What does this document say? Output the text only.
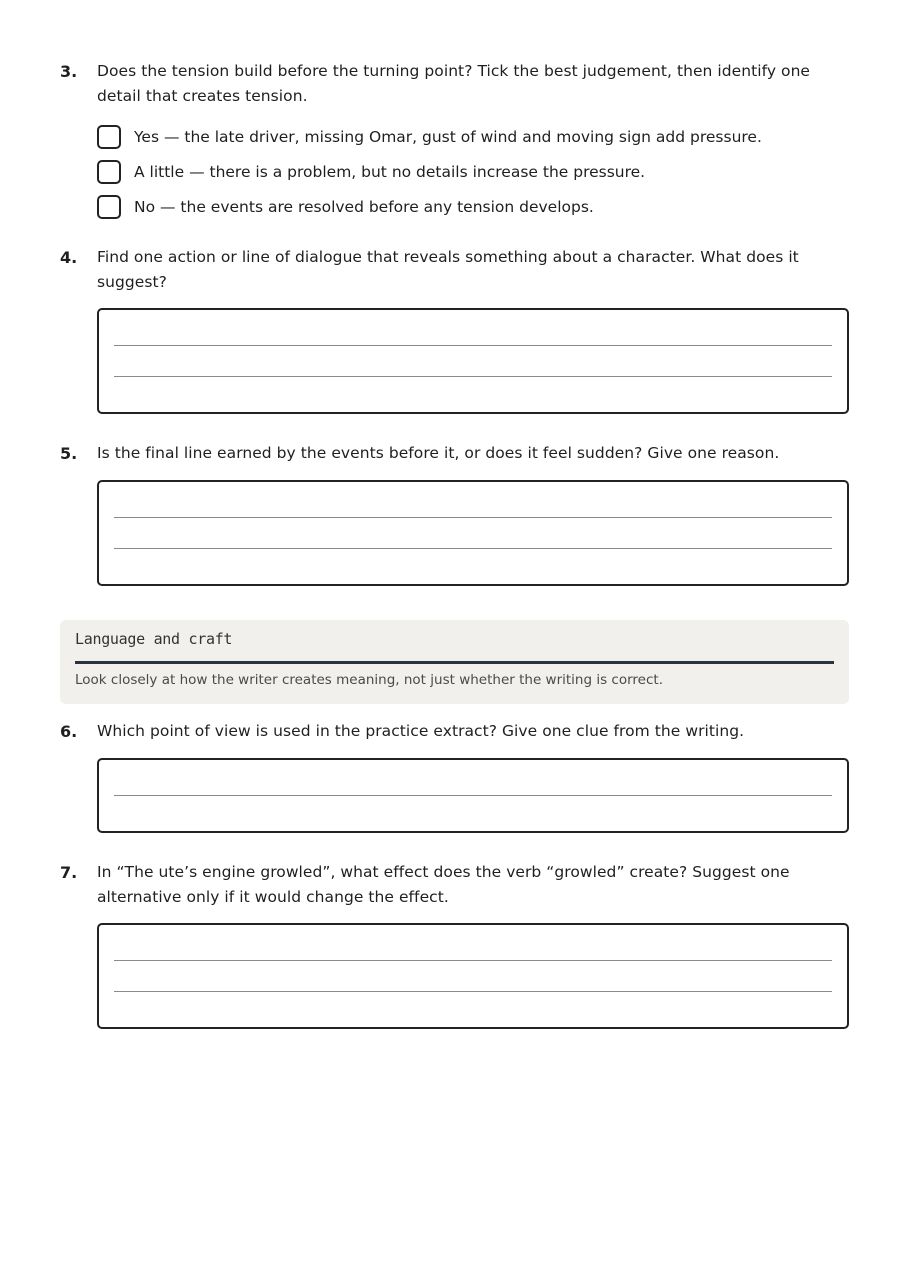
3. Does the tension build before the turning point? Tick the best judgement, then identify one detail that creates tension.
Yes — the late driver, missing Omar, gust of wind and moving sign add pressure.
A little — there is a problem, but no details increase the pressure.
No — the events are resolved before any tension develops.
4. Find one action or line of dialogue that reveals something about a character. What does it suggest?
5. Is the final line earned by the events before it, or does it feel sudden? Give one reason.
Language and craft
Look closely at how the writer creates meaning, not just whether the writing is correct.
6. Which point of view is used in the practice extract? Give one clue from the writing.
7. In “The ute’s engine growled”, what effect does the verb “growled” create? Suggest one alternative only if it would change the effect.
